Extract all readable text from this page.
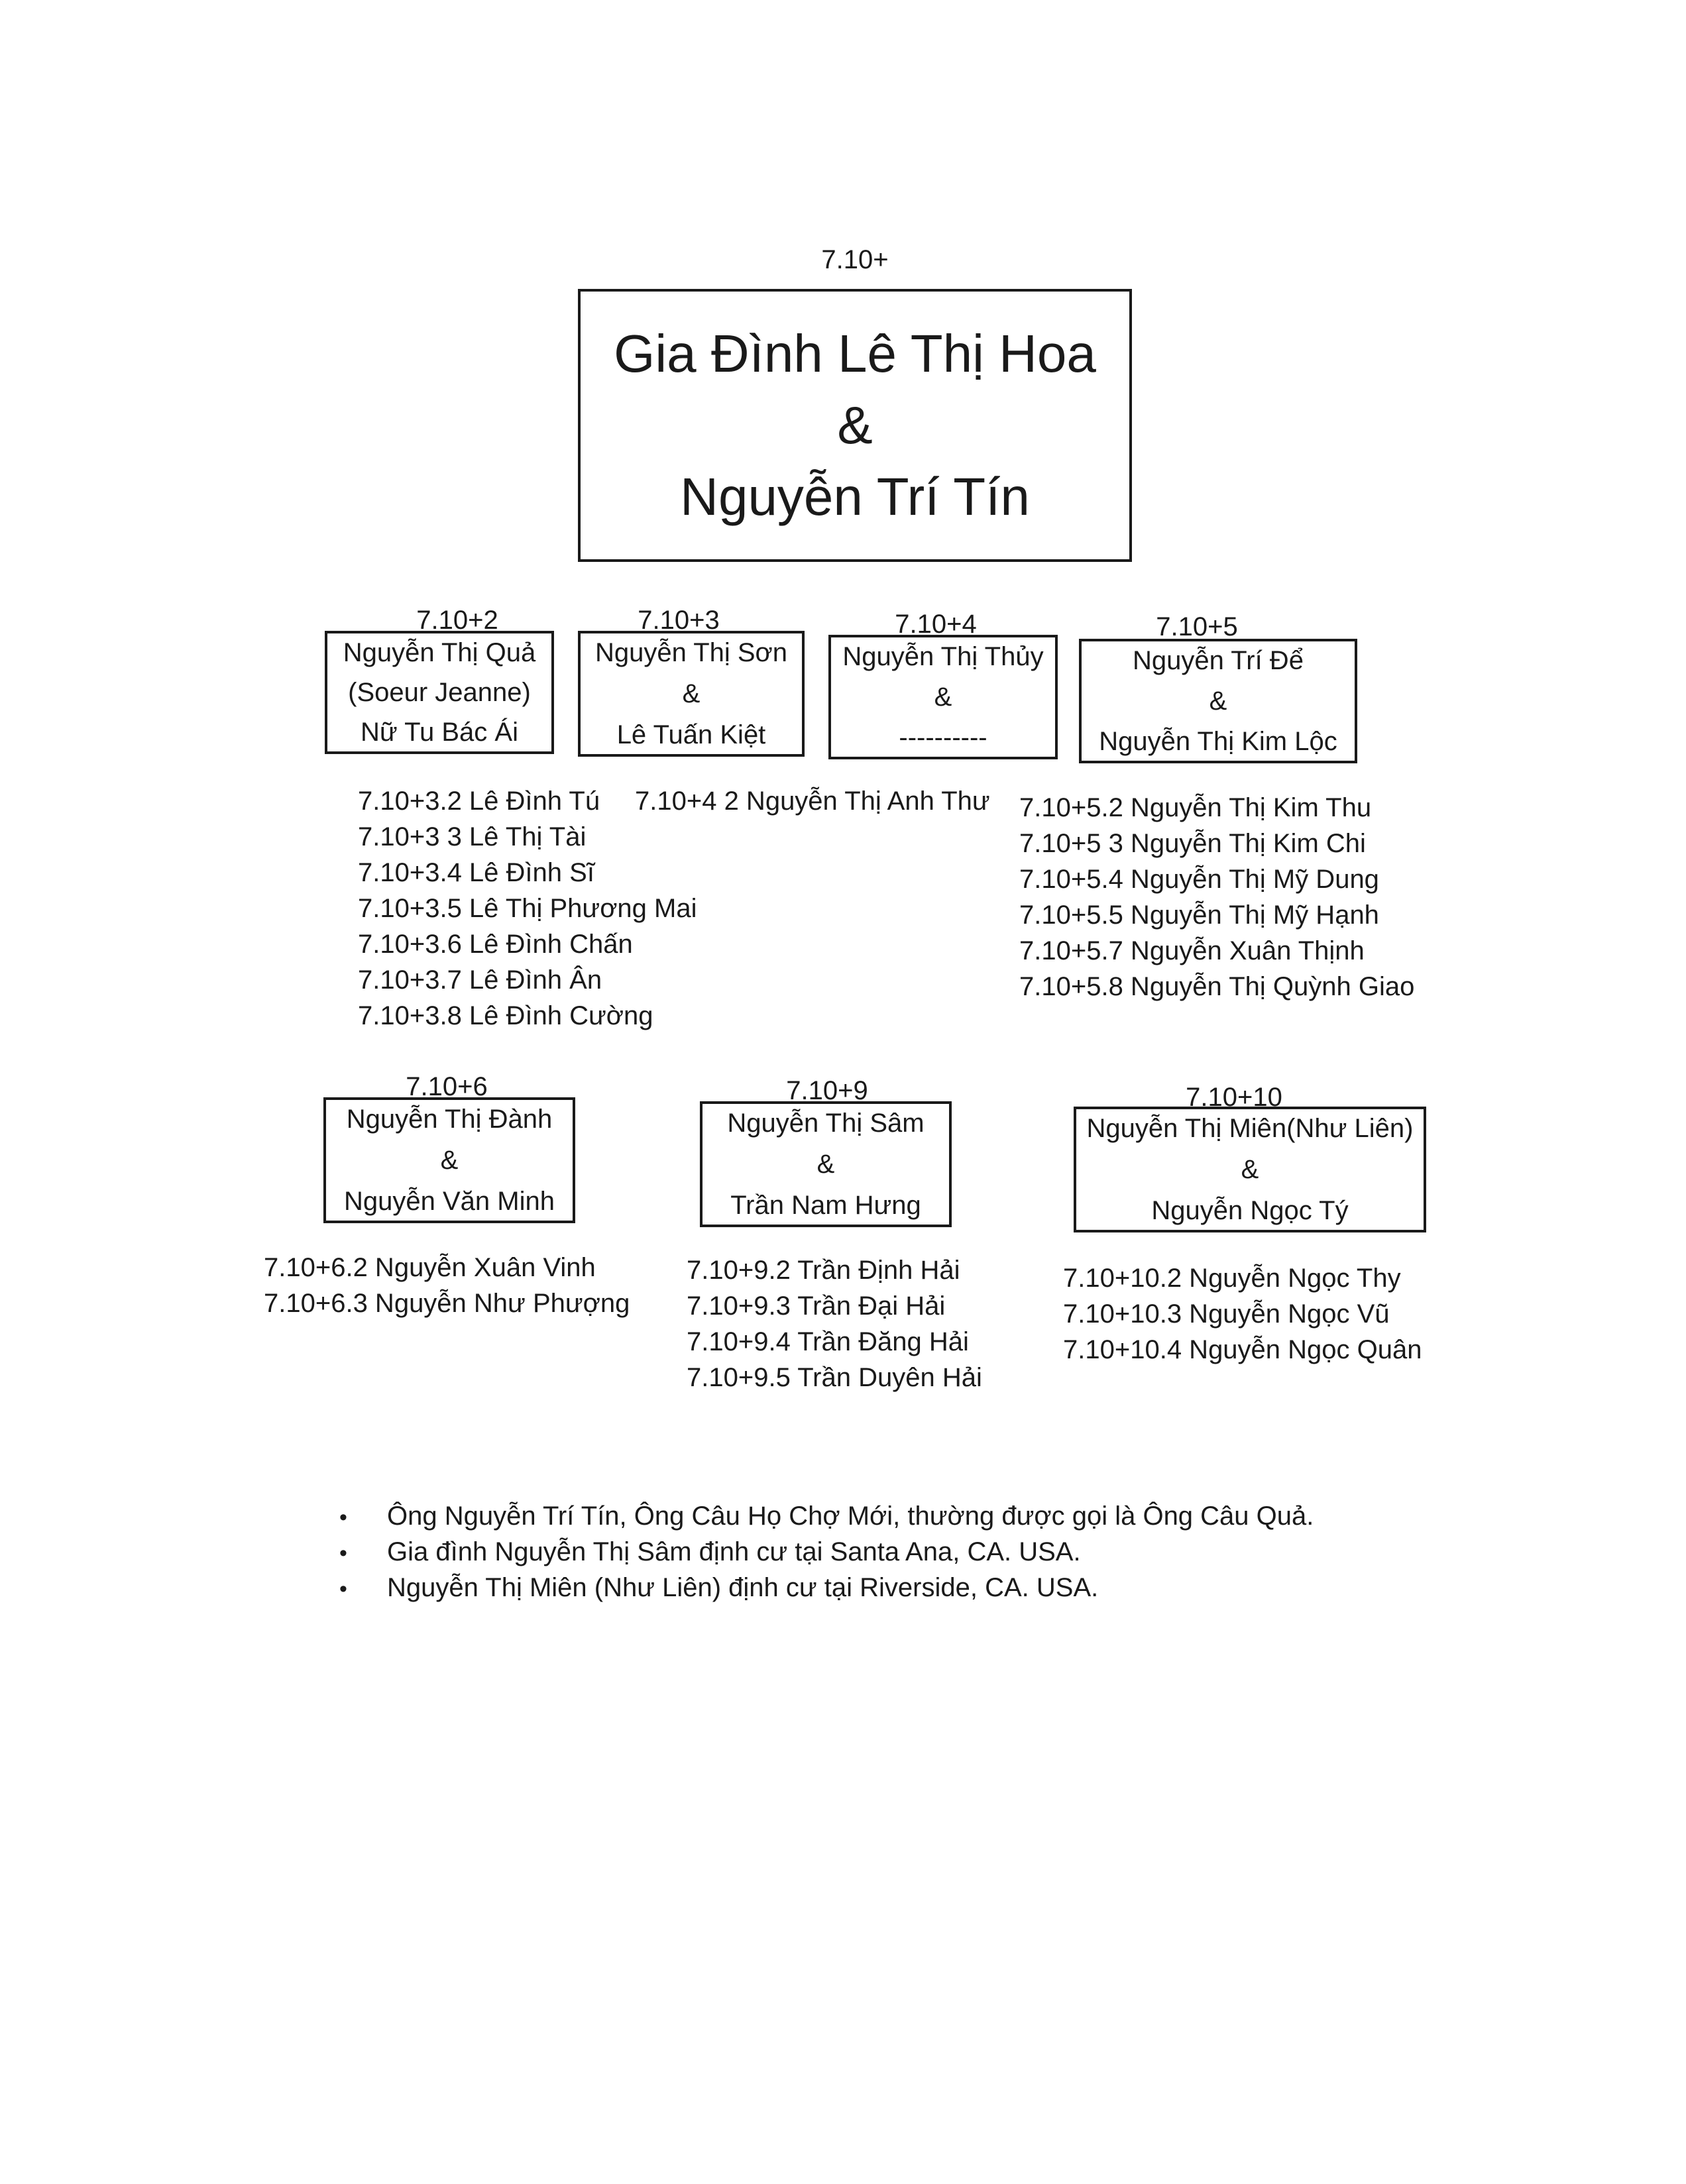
7.10+
Gia Đình Lê Thị Hoa
&
Nguyễn Trí Tín
7.10+2
Nguyễn Thị Quả
(Soeur Jeanne)
Nữ Tu Bác Ái
7.10+3
Nguyễn Thị Sơn
&
Lê Tuấn Kiệt
7.10+4
Nguyễn Thị Thủy
&
----------
7.10+5
Nguyễn Trí Để
&
Nguyễn Thị Kim Lộc
7.10+3.2 Lê Đình Tú
7.10+3 3 Lê Thị Tài
7.10+3.4 Lê Đình Sĩ
7.10+3.5 Lê Thị Phương Mai
7.10+3.6 Lê Đình Chấn
7.10+3.7 Lê Đình Ân
7.10+3.8 Lê Đình Cường
7.10+4 2 Nguyễn Thị Anh Thư 7.10+5.2 Nguyễn Thị Kim Thu
7.10+5 3 Nguyễn Thị Kim Chi
7.10+5.4 Nguyễn Thị Mỹ Dung
7.10+5.5 Nguyễn Thị Mỹ Hạnh
7.10+5.7 Nguyễn Xuân Thịnh
7.10+5.8 Nguyễn Thị Quỳnh Giao
7.10+6
Nguyễn Thị Đành
&
Nguyễn Văn Minh
7.10+9
Nguyễn Thị Sâm
&
Trần Nam Hưng
7.10+10
Nguyễn Thị Miên(Như Liên)
&
Nguyễn Ngọc Tý
7.10+6.2 Nguyễn Xuân Vinh
7.10+6.3 Nguyễn Như Phượng
7.10+9.2 Trần Định Hải
7.10+9.3 Trần Đại Hải
7.10+9.4 Trần Đăng Hải
7.10+9.5 Trần Duyên Hải
7.10+10.2 Nguyễn Ngọc Thy
7.10+10.3 Nguyễn Ngọc Vũ
7.10+10.4 Nguyễn Ngọc Quân
•	Ông Nguyễn Trí Tín, Ông Câu Họ Chợ Mới, thường được gọi là Ông Câu Quả.
•	Gia đình Nguyễn Thị Sâm định cư tại Santa Ana, CA. USA.
•	Nguyễn Thị Miên (Như Liên) định cư tại Riverside, CA. USA.
